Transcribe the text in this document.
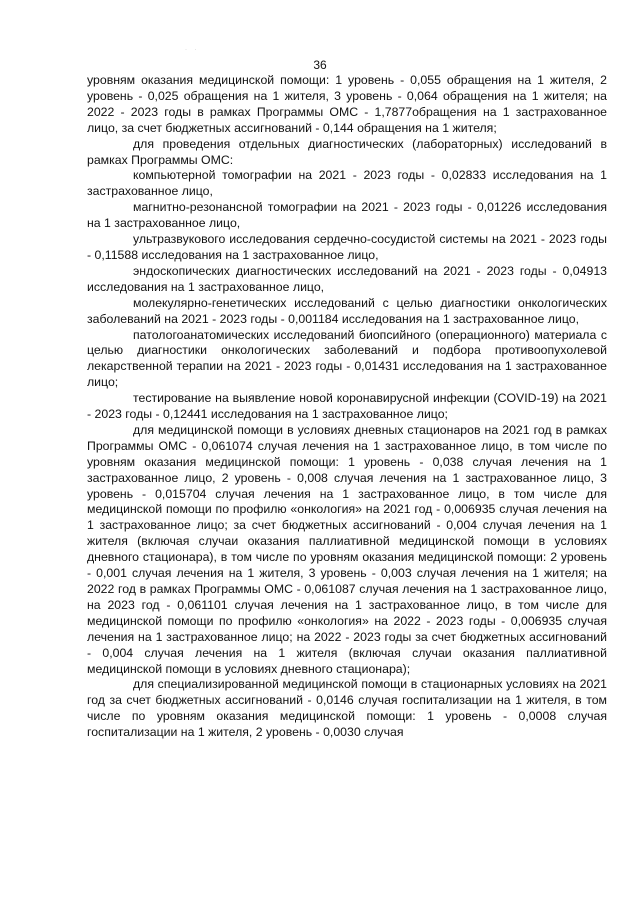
· ·
36

уровням оказания медицинской помощи: 1 уровень - 0,055 обращения на 1 жителя, 2 уровень - 0,025 обращения на 1 жителя, 3 уровень - 0,064 обращения на 1 жителя; на 2022 - 2023 годы в рамках Программы ОМС - 1,7877обращения на 1 застрахованное лицо, за счет бюджетных ассигнований - 0,144 обращения на 1 жителя;

для проведения отдельных диагностических (лабораторных) исследований в рамках Программы ОМС:

компьютерной томографии на 2021 - 2023 годы - 0,02833 исследования на 1 застрахованное лицо,

магнитно-резонансной томографии на 2021 - 2023 годы - 0,01226 исследования на 1 застрахованное лицо,

ультразвукового исследования сердечно-сосудистой системы на 2021 - 2023 годы - 0,11588 исследования на 1 застрахованное лицо,

эндоскопических диагностических исследований на 2021 - 2023 годы - 0,04913 исследования на 1 застрахованное лицо,

молекулярно-генетических исследований с целью диагностики онкологических заболеваний на 2021 - 2023 годы - 0,001184 исследования на 1 застрахованное лицо,

патологоанатомических исследований биопсийного (операционного) материала с целью диагностики онкологических заболеваний и подбора противоопухолевой лекарственной терапии на 2021 - 2023 годы - 0,01431 исследования на 1 застрахованное лицо;

тестирование на выявление новой коронавирусной инфекции (COVID-19) на 2021 - 2023 годы - 0,12441 исследования на 1 застрахованное лицо;

для медицинской помощи в условиях дневных стационаров на 2021 год в рамках Программы ОМС - 0,061074 случая лечения на 1 застрахованное лицо, в том числе по уровням оказания медицинской помощи: 1 уровень - 0,038 случая лечения на 1 застрахованное лицо, 2 уровень - 0,008 случая лечения на 1 застрахованное лицо, 3 уровень - 0,015704 случая лечения на 1 застрахованное лицо, в том числе для медицинской помощи по профилю «онкология» на 2021 год - 0,006935 случая лечения на 1 застрахованное лицо; за счет бюджетных ассигнований - 0,004 случая лечения на 1 жителя (включая случаи оказания паллиативной медицинской помощи в условиях дневного стационара), в том числе по уровням оказания медицинской помощи: 2 уровень - 0,001 случая лечения на 1 жителя, 3 уровень - 0,003 случая лечения на 1 жителя; на 2022 год в рамках Программы ОМС - 0,061087 случая лечения на 1 застрахованное лицо, на 2023 год - 0,061101 случая лечения на 1 застрахованное лицо, в том числе для медицинской помощи по профилю «онкология» на 2022 - 2023 годы - 0,006935 случая лечения на 1 застрахованное лицо; на 2022 - 2023 годы за счет бюджетных ассигнований - 0,004 случая лечения на 1 жителя (включая случаи оказания паллиативной медицинской помощи в условиях дневного стационара);

для специализированной медицинской помощи в стационарных условиях на 2021 год за счет бюджетных ассигнований - 0,0146 случая госпитализации на 1 жителя, в том числе по уровням оказания медицинской помощи: 1 уровень - 0,0008 случая госпитализации на 1 жителя, 2 уровень - 0,0030 случая
